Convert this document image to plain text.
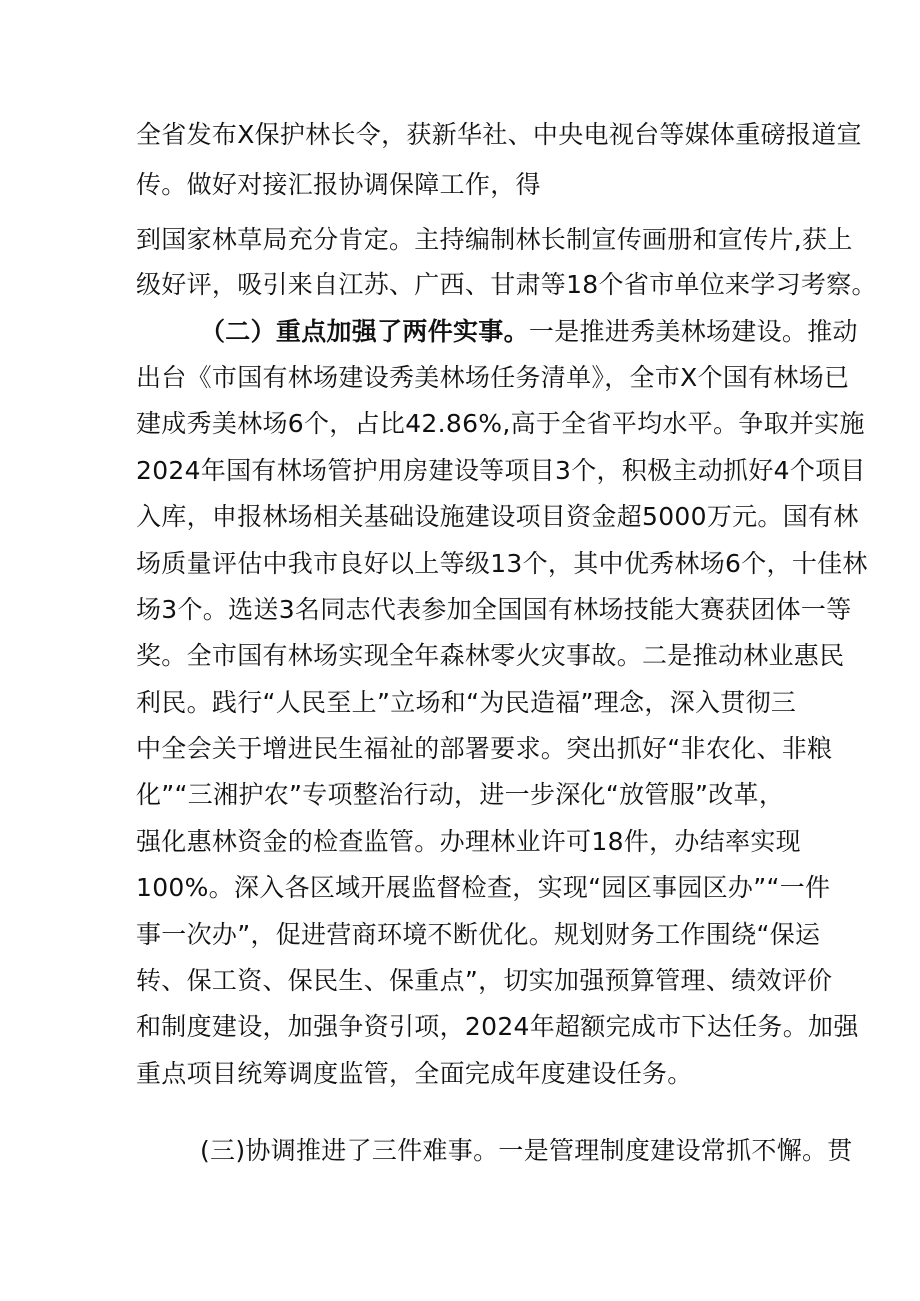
全省发布X保护林长令，获新华社、中央电视台等媒体重磅报道宣
传。做好对接汇报协调保障工作，得
到国家林草局充分肯定。主持编制林长制宣传画册和宣传片,获上
级好评，吸引来自江苏、广西、甘肃等18个省市单位来学习考察。
（二）重点加强了两件实事。一是推进秀美林场建设。推动
出台《市国有林场建设秀美林场任务清单》，全市X个国有林场已
建成秀美林场6个，占比42.86%,高于全省平均水平。争取并实施
2024年国有林场管护用房建设等项目3个，积极主动抓好4个项目
入库，申报林场相关基础设施建设项目资金超5000万元。国有林
场质量评估中我市良好以上等级13个，其中优秀林场6个，十佳林
场3个。选送3名同志代表参加全国国有林场技能大赛获团体一等
奖。全市国有林场实现全年森林零火灾事故。二是推动林业惠民
利民。践行“人民至上”立场和“为民造福”理念，深入贯彻三
中全会关于增进民生福祉的部署要求。突出抓好“非农化、非粮
化”“三湘护农”专项整治行动，进一步深化“放管服”改革，
强化惠林资金的检查监管。办理林业许可18件，办结率实现
100%。深入各区域开展监督检查，实现“园区事园区办”“一件
事一次办”，促进营商环境不断优化。规划财务工作围绕“保运
转、保工资、保民生、保重点”，切实加强预算管理、绩效评价
和制度建设，加强争资引项，2024年超额完成市下达任务。加强
重点项目统筹调度监管，全面完成年度建设任务。
(三)协调推进了三件难事。一是管理制度建设常抓不懈。贯
